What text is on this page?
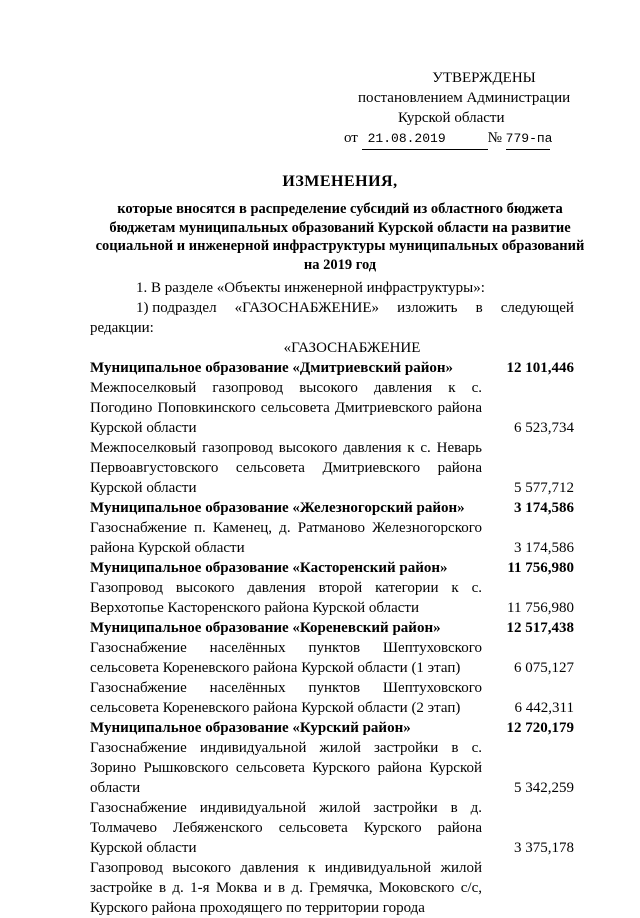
УТВЕРЖДЕНЫ
постановлением Администрации
Курской области
от 21.08.2019	№ 779-па
ИЗМЕНЕНИЯ,
которые вносятся в распределение субсидий из областного бюджета бюджетам муниципальных образований Курской области на развитие социальной и инженерной инфраструктуры муниципальных образований на 2019 год
1. В разделе «Объекты инженерной инфраструктуры»:
1) подраздел «ГАЗОСНАБЖЕНИЕ» изложить в следующей
редакции:
«ГАЗОСНАБЖЕНИЕ
Муниципальное образование «Дмитриевский район»	12 101,446
Межпоселковый газопровод высокого давления к с. Погодино Поповкинского сельсовета Дмитриевского района Курской области	6 523,734
Межпоселковый газопровод высокого давления к с. Неварь Первоавгустовского сельсовета Дмитриевского района Курской области	5 577,712
Муниципальное образование «Железногорский район»	3 174,586
Газоснабжение п. Каменец, д. Ратманово Железногорского района Курской области	3 174,586
Муниципальное образование «Касторенский район»	11 756,980
Газопровод высокого давления второй категории к с. Верхотопье Касторенского района Курской области	11 756,980
Муниципальное образование «Кореневский район»	12 517,438
Газоснабжение населённых пунктов Шептуховского сельсовета Кореневского района Курской области (1 этап)	6 075,127
Газоснабжение населённых пунктов Шептуховского сельсовета Кореневского района Курской области (2 этап)	6 442,311
Муниципальное образование «Курский район»	12 720,179
Газоснабжение индивидуальной жилой застройки в с. Зорино Рышковского сельсовета Курского района Курской области	5 342,259
Газоснабжение индивидуальной жилой застройки в д. Толмачево Лебяженского сельсовета Курского района Курской области	3 375,178
Газопровод высокого давления к индивидуальной жилой застройке в д. 1-я Моква и в д. Гремячка, Моковского с/с, Курского района проходящего по территории города
